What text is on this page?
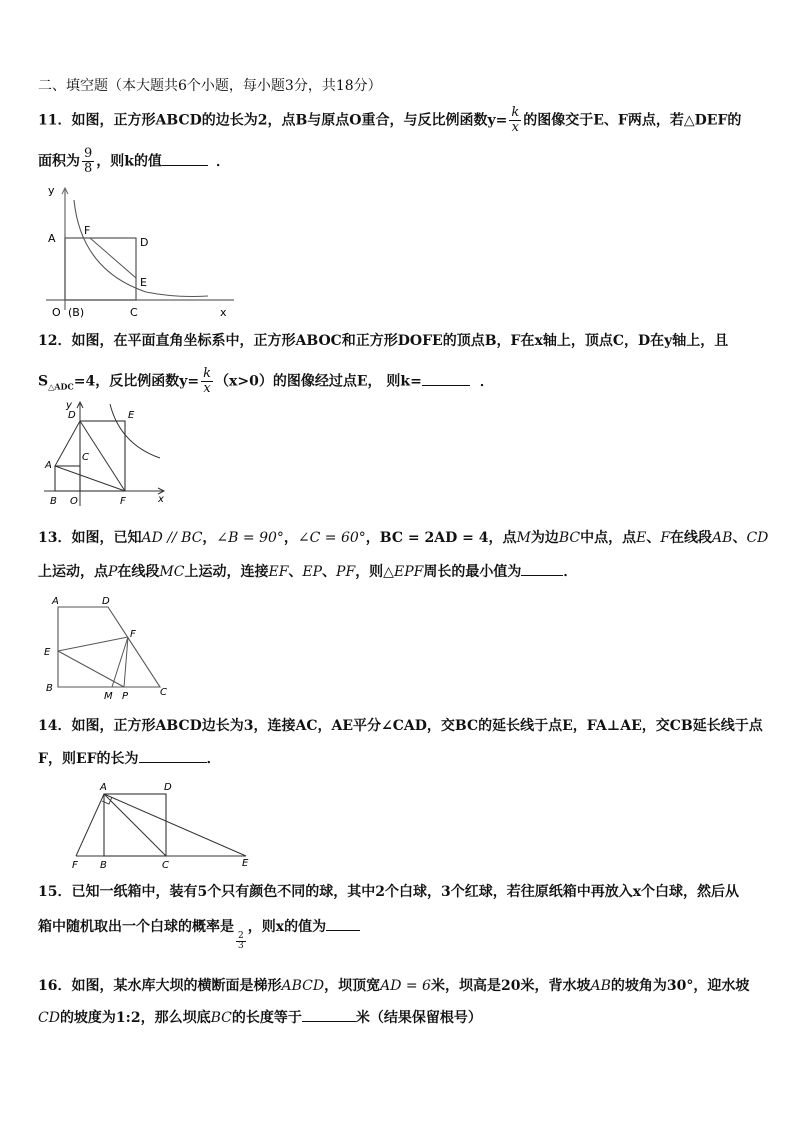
二、填空题（本大题共6个小题，每小题3分，共18分）
11．如图，正方形ABCD的边长为2，点B与原点O重合，与反比例函数$y= \frac{k}{x}$ 的图像交于E、F两点，若△DEF的
面积为 $\frac{9}{8}$ ，则k的值	．
y
A
F
D
E
O (B)	C	x
12．如图，在平面直角坐标系中，正方形ABOC和正方形DOFE的顶点B，F在x轴上，顶点C，D在y轴上，且
$S_{\triangle ADC}=4$，反比例函数$y= \frac{k}{x} (x>0)$的图像经过点E， 则k=	．
y
D	E
A
C
B O	F	x
13．如图，已知AD // BC，∠B = 90°，∠C = 60°，BC = 2AD = 4，点M为边BC中点，点E、F在线段AB、CD
上运动，点P在线段MC上运动，连接EF、EP、PF，则△EPF周长的最小值为	．
A	D
F
E
B
M P	C
14．如图，正方形ABCD边长为3，连接AC，AE平分∠CAD，交BC的延长线于点E，FA⊥AE，交CB延长线于点
F，则EF的长为	．
A	D
F B	C	E
15．已知一纸箱中，装有5个只有颜色不同的球，其中2个白球，3个红球，若往原纸箱中再放入x个白球，然后从
箱中随机取出一个白球的概率是
$\frac{2}{3}$
，则x的值为
16．如图，某水库大坝的横断面是梯形ABCD，坝顶宽AD = 6米，坝高是20米，背水坡AB的坡角为30°，迎水坡
CD的坡度为1:2，那么坝底BC的长度等于	米（结果保留根号）
